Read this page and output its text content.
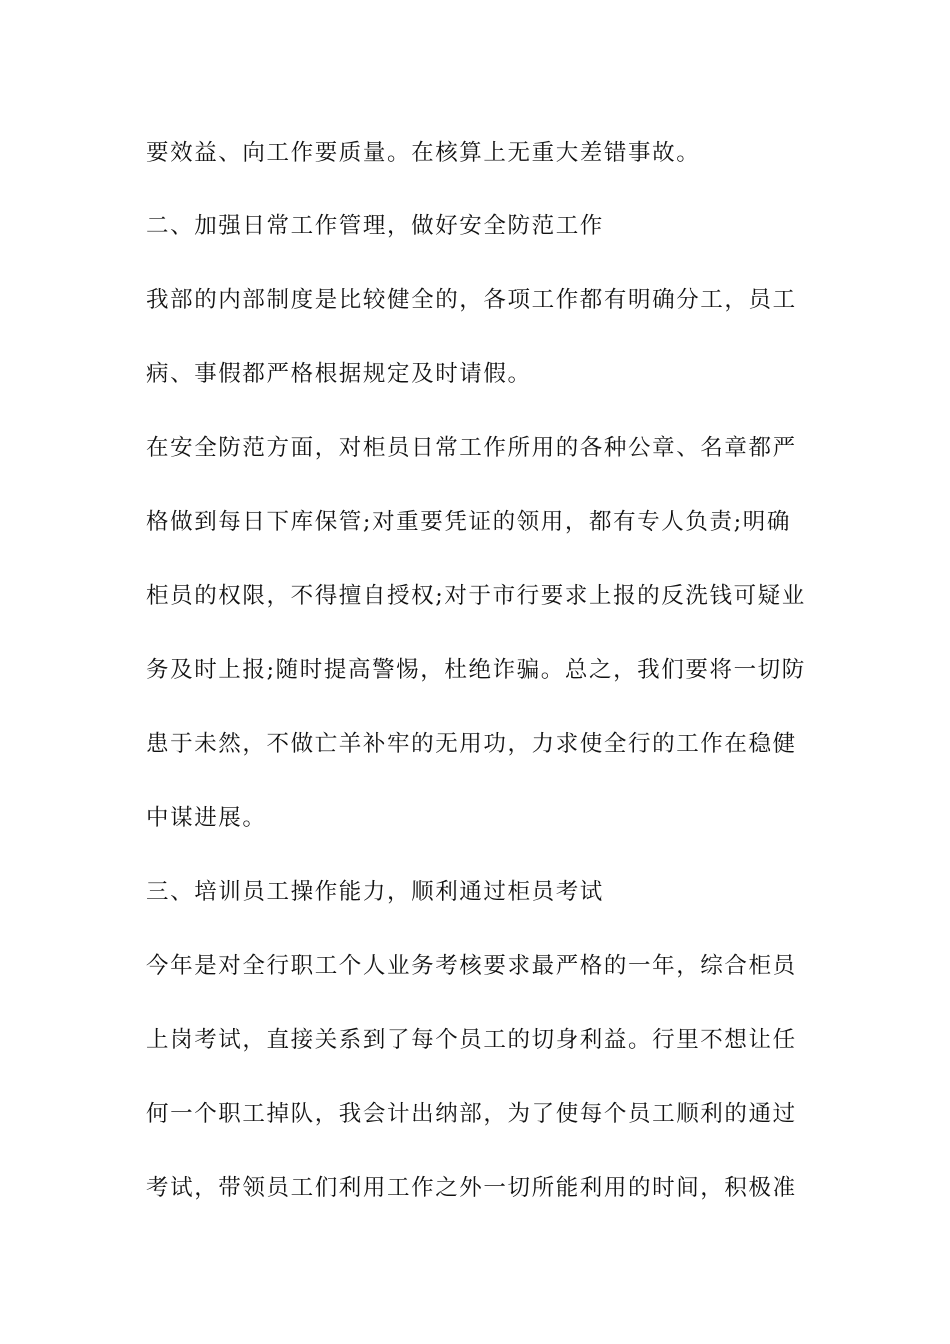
要效益、向工作要质量。在核算上无重大差错事故。

二、加强日常工作管理，做好安全防范工作

我部的内部制度是比较健全的，各项工作都有明确分工，员工

病、事假都严格根据规定及时请假。

在安全防范方面，对柜员日常工作所用的各种公章、名章都严

格做到每日下库保管;对重要凭证的领用，都有专人负责;明确

柜员的权限，不得擅自授权;对于市行要求上报的反洗钱可疑业

务及时上报;随时提高警惕，杜绝诈骗。总之，我们要将一切防

患于未然，不做亡羊补牢的无用功，力求使全行的工作在稳健

中谋进展。

三、培训员工操作能力，顺利通过柜员考试

今年是对全行职工个人业务考核要求最严格的一年，综合柜员

上岗考试，直接关系到了每个员工的切身利益。行里不想让任

何一个职工掉队，我会计出纳部，为了使每个员工顺利的通过

考试，带领员工们利用工作之外一切所能利用的时间，积极准
